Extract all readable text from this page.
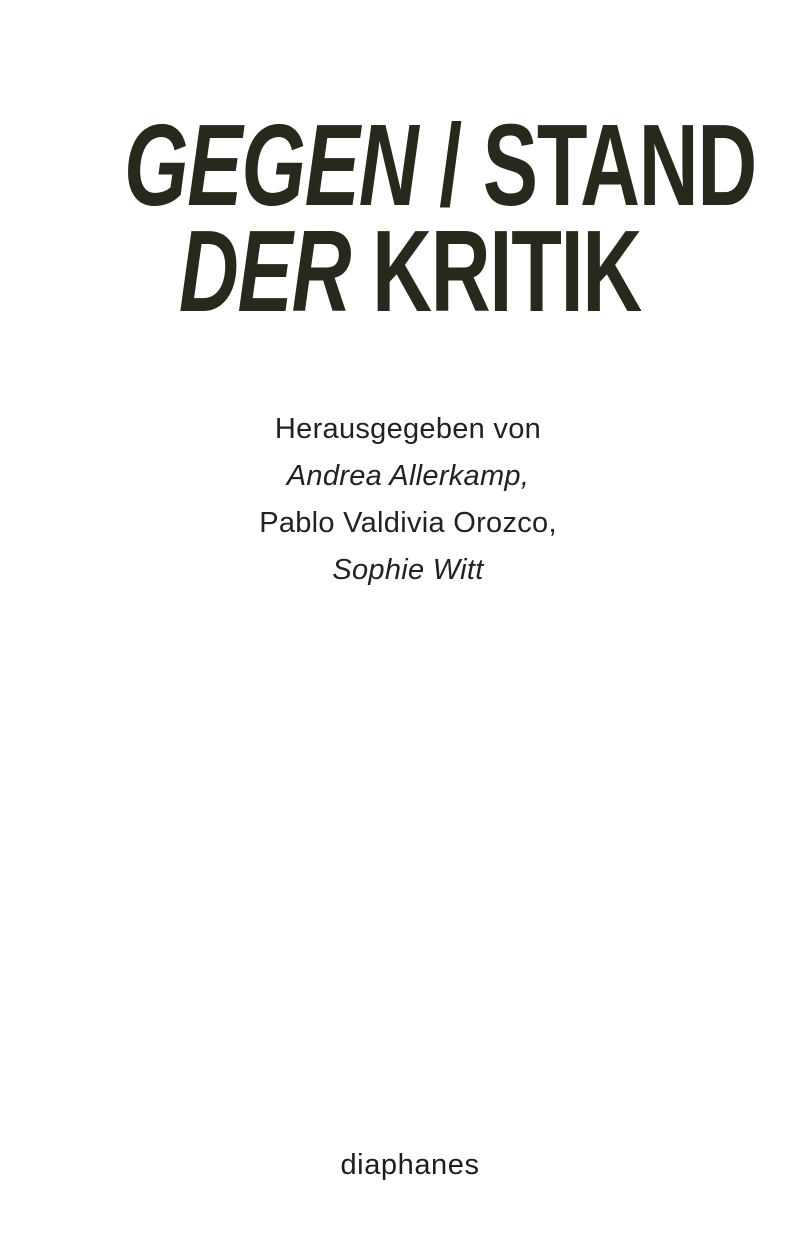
GEGEN / STAND
DER KRITIK
Herausgegeben von
Andrea Allerkamp,
Pablo Valdivia Orozco,
Sophie Witt
diaphanes
